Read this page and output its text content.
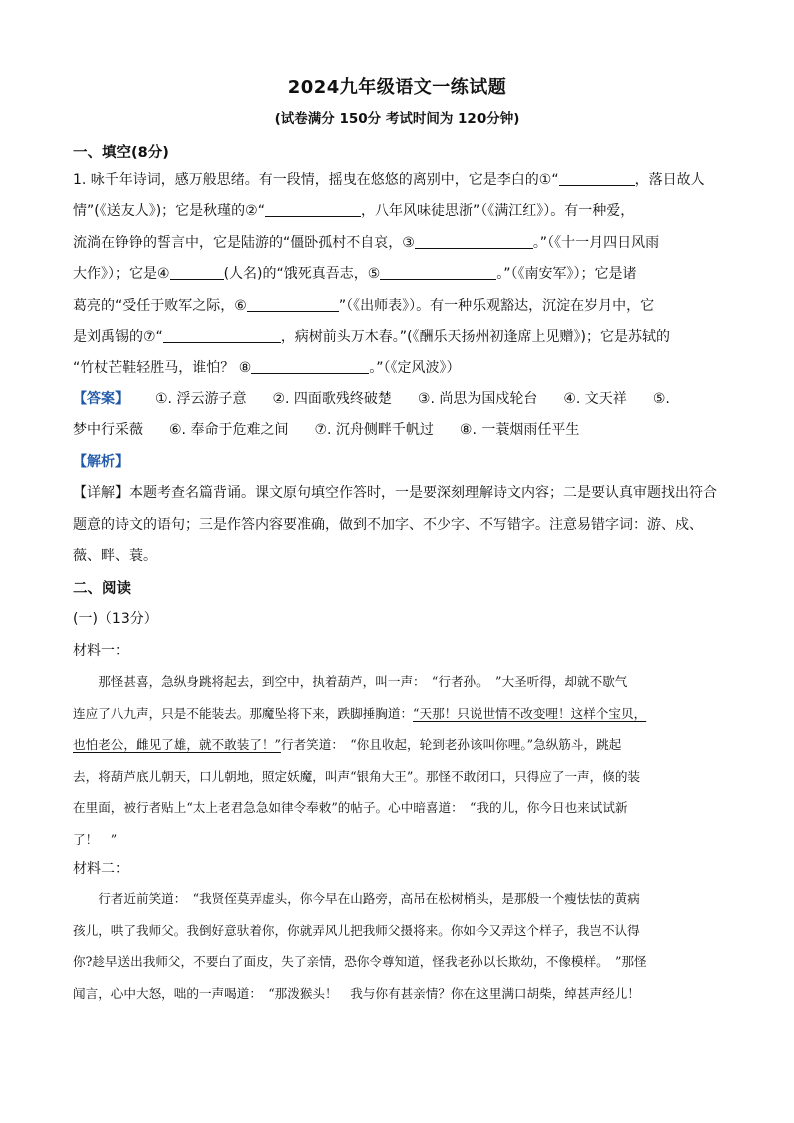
2024九年级语文一练试题
(试卷满分 150分 考试时间为 120分钟)
一、填空(8分)
1. 咏千年诗词，感万般思绪。有一段情，摇曳在悠悠的离别中，它是李白的①“	，落日故人
情”(《送友人》)；它是秋瑾的②“	，八年风味徒思浙”（《满江红》）。有一种爱，
流淌在铮铮的誓言中，它是陆游的“僵卧孤村不自哀，③	。”（《十一月四日风雨
大作》）；它是④	(人名)的“饿死真吾志，⑤	。”（《南安军》）；它是诸
葛亮的“受任于败军之际，⑥	”（《出师表》）。有一种乐观豁达，沉淀在岁月中，它
是刘禹锡的⑦“	，病树前头万木春。”(《酬乐天扬州初逢席上见赠》)；它是苏轼的
“竹杖芒鞋轻胜马，谁怕？ ⑧	。”（《定风波》）
【答案】 ①. 浮云游子意 ②. 四面歌残终破楚 ③. 尚思为国戍轮台 ④. 文天祥 ⑤.
梦中行采薇 ⑥. 奉命于危难之间 ⑦. 沉舟侧畔千帆过 ⑧. 一蓑烟雨任平生
【解析】
【详解】本题考查名篇背诵。课文原句填空作答时，一是要深刻理解诗文内容；二是要认真审题找出符合
题意的诗文的语句；三是作答内容要准确，做到不加字、不少字、不写错字。注意易错字词：游、戍、
薇、畔、蓑。
二、阅读
(一)（13分）
材料一：
　　那怪甚喜，急纵身跳将起去，到空中，执着葫芦，叫一声：　“行者孙。　”大圣听得，却就不歇气
连应了八九声，只是不能装去。那魔坠将下来，跌脚捶胸道：“天那！只说世情不改变哩！这样个宝贝，
也怕老公，雌见了雄，就不敢装了！”行者笑道：　“你且收起，轮到老孙该叫你哩。”急纵筋斗，跳起
去，将葫芦底儿朝天，口儿朝地，照定妖魔，叫声“银角大王”。那怪不敢闭口，只得应了一声，倏的装
在里面，被行者贴上“太上老君急急如律令奉敕”的帖子。心中暗喜道：　“我的儿，你今日也来试试新
了！　”
材料二：
　　行者近前笑道：　“我贤侄莫弄虚头，你今早在山路旁，高吊在松树梢头，是那般一个瘦怯怯的黄病
孩儿，哄了我师父。我倒好意驮着你，你就弄风儿把我师父摄将来。你如今又弄这个样子，我岂不认得
你?趁早送出我师父，不要白了面皮，失了亲情，恐你令尊知道，怪我老孙以长欺幼，不像模样。　”那怪
闻言，心中大怒，咄的一声喝道：　“那泼猴头！　我与你有甚亲情？你在这里满口胡柴，绰甚声经儿！
